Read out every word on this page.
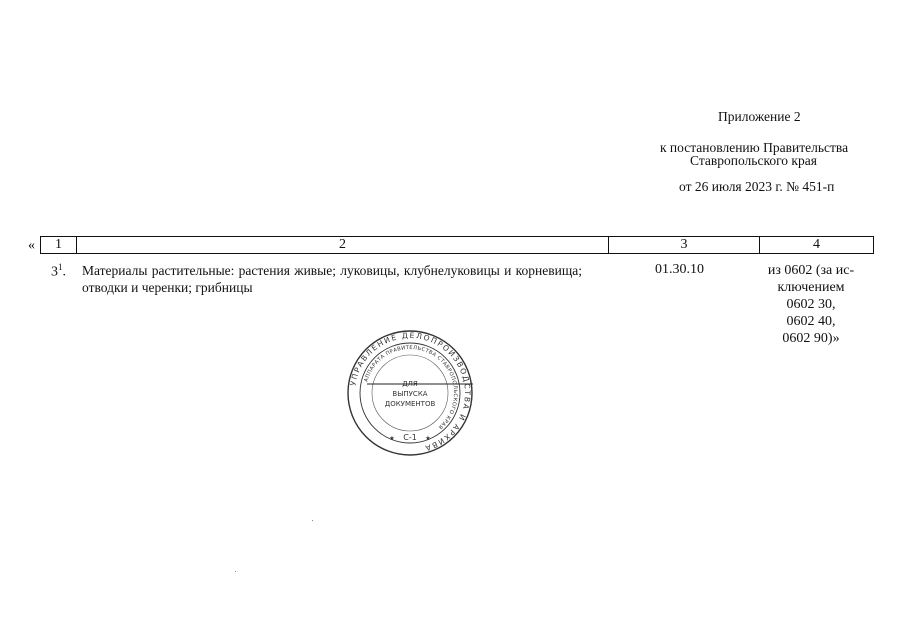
Приложение 2
к постановлению Правительства
Ставропольского края
от 26 июля 2023 г. № 451-п
« 1	2	3	4
$3^1$. Материалы растительные: растения живые; луковицы, клубнелуковицы и корневища; отводки и черенки; грибницы
01.30.10	из 0602 (за ис-
ключением
0602 30,
0602 40,
0602 90)»
УПРАВЛЕНИЕ ДЕЛОПРОИЗВОДСТВА И АРХИВА
АППАРАТА ПРАВИТЕЛЬСТВА СТАВРОПОЛЬСКОГО КРАЯ
ДЛЯ
ВЫПУСКА
ДОКУМЕНТОВ
С-1
★	★
